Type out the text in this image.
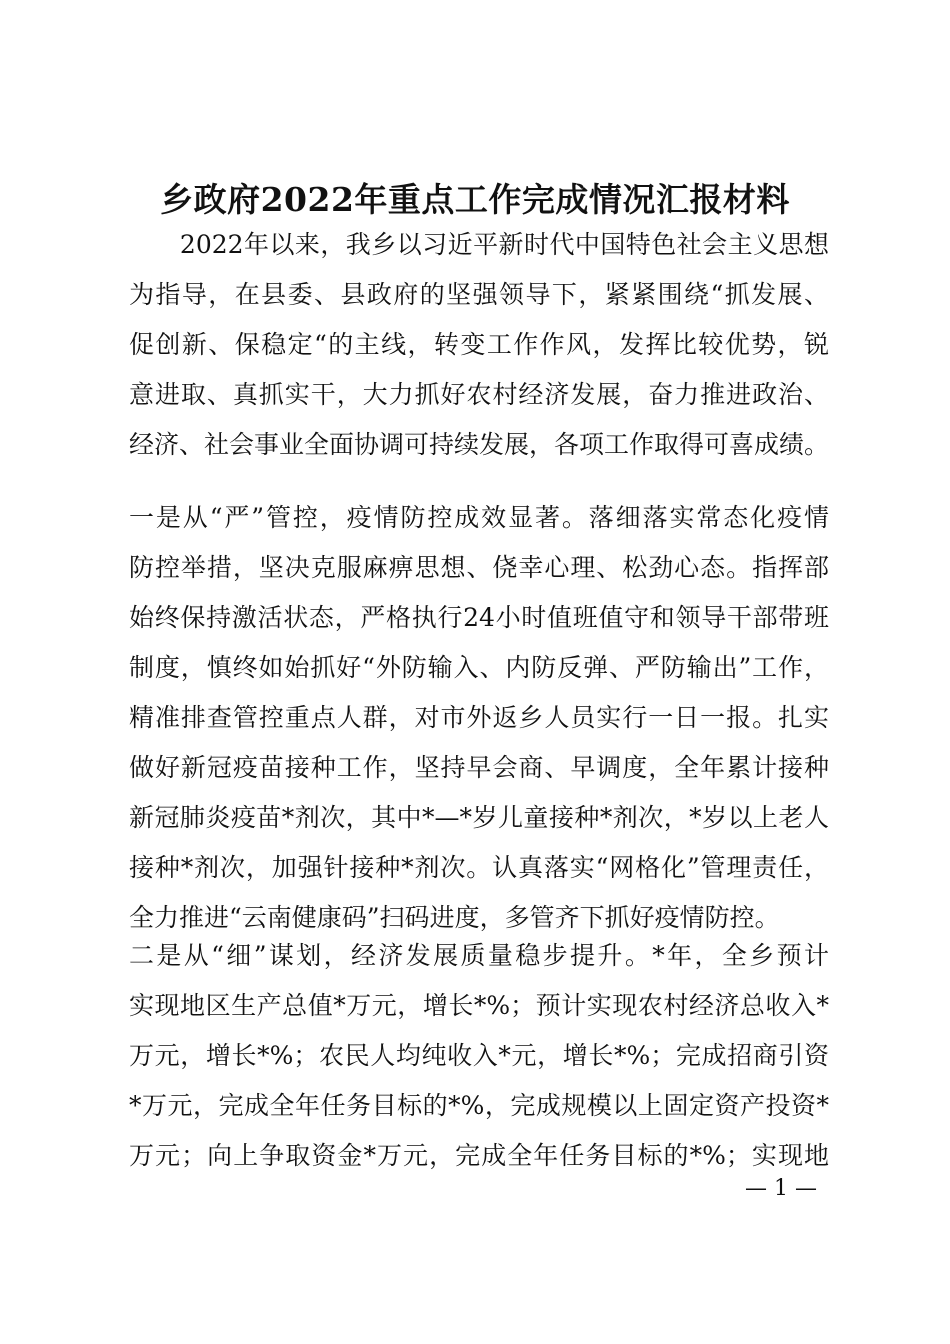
乡政府2022年重点工作完成情况汇报材料
　　2022年以来，我乡以习近平新时代中国特色社会主义思想
为指导，在县委、县政府的坚强领导下，紧紧围绕“抓发展、
促创新、保稳定“的主线，转变工作作风，发挥比较优势，锐
意进取、真抓实干，大力抓好农村经济发展，奋力推进政治、
经济、社会事业全面协调可持续发展，各项工作取得可喜成绩。
一是从“严”管控，疫情防控成效显著。落细落实常态化疫情
防控举措，坚决克服麻痹思想、侥幸心理、松劲心态。指挥部
始终保持激活状态，严格执行24小时值班值守和领导干部带班
制度，慎终如始抓好“外防输入、内防反弹、严防输出”工作，
精准排查管控重点人群，对市外返乡人员实行一日一报。扎实
做好新冠疫苗接种工作，坚持早会商、早调度，全年累计接种
新冠肺炎疫苗*剂次，其中*—*岁儿童接种*剂次，*岁以上老人
接种*剂次，加强针接种*剂次。认真落实“网格化”管理责任，
全力推进“云南健康码”扫码进度，多管齐下抓好疫情防控。
二是从“细”谋划，经济发展质量稳步提升。*年，全乡预计
实现地区生产总值*万元，增长*%；预计实现农村经济总收入*
万元，增长*%；农民人均纯收入*元，增长*%；完成招商引资
*万元，完成全年任务目标的*%，完成规模以上固定资产投资*
万元；向上争取资金*万元，完成全年任务目标的*%；实现地
— 1 —
